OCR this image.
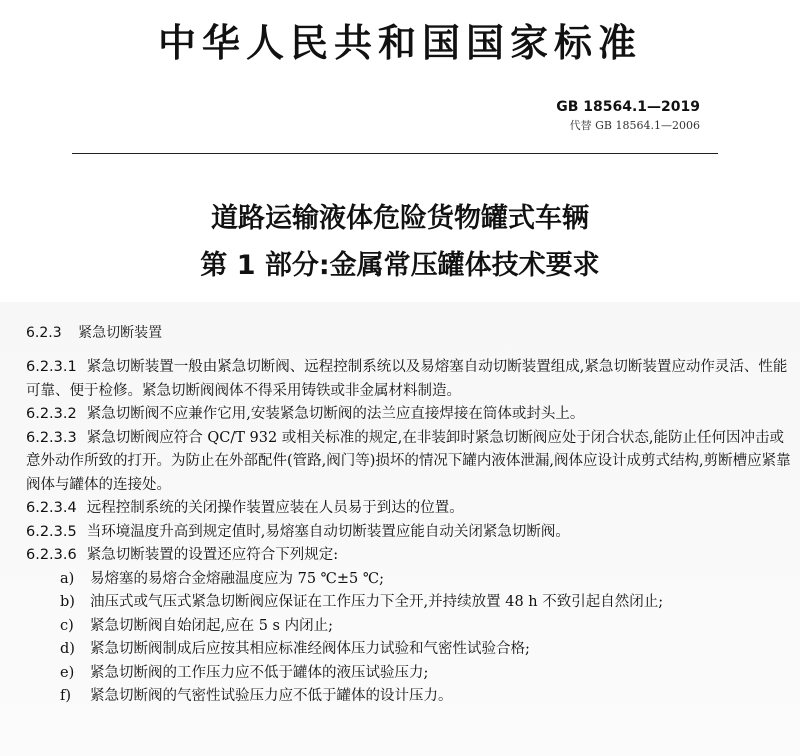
中华人民共和国国家标准
GB 18564.1—2019
代替 GB 18564.1—2006
道路运输液体危险货物罐式车辆
第 1 部分:金属常压罐体技术要求
6.2.3 紧急切断装置

6.2.3.1 紧急切断装置一般由紧急切断阀、远程控制系统以及易熔塞自动切断装置组成,紧急切断装置应动作灵活、性能可靠、便于检修。紧急切断阀阀体不得采用铸铁或非金属材料制造。

6.2.3.2 紧急切断阀不应兼作它用,安装紧急切断阀的法兰应直接焊接在筒体或封头上。

6.2.3.3 紧急切断阀应符合 QC/T 932 或相关标准的规定,在非装卸时紧急切断阀应处于闭合状态,能防止任何因冲击或意外动作所致的打开。为防止在外部配件(管路,阀门等)损坏的情况下罐内液体泄漏,阀体应设计成剪式结构,剪断槽应紧靠阀体与罐体的连接处。

6.2.3.4 远程控制系统的关闭操作装置应装在人员易于到达的位置。

6.2.3.5 当环境温度升高到规定值时,易熔塞自动切断装置应能自动关闭紧急切断阀。

6.2.3.6 紧急切断装置的设置还应符合下列规定:

a) 易熔塞的易熔合金熔融温度应为 75 ℃±5 ℃;

b) 油压式或气压式紧急切断阀应保证在工作压力下全开,并持续放置 48 h 不致引起自然闭止;

c) 紧急切断阀自始闭起,应在 5 s 内闭止;

d) 紧急切断阀制成后应按其相应标准经阀体压力试验和气密性试验合格;

e) 紧急切断阀的工作压力应不低于罐体的液压试验压力;

f) 紧急切断阀的气密性试验压力应不低于罐体的设计压力。
